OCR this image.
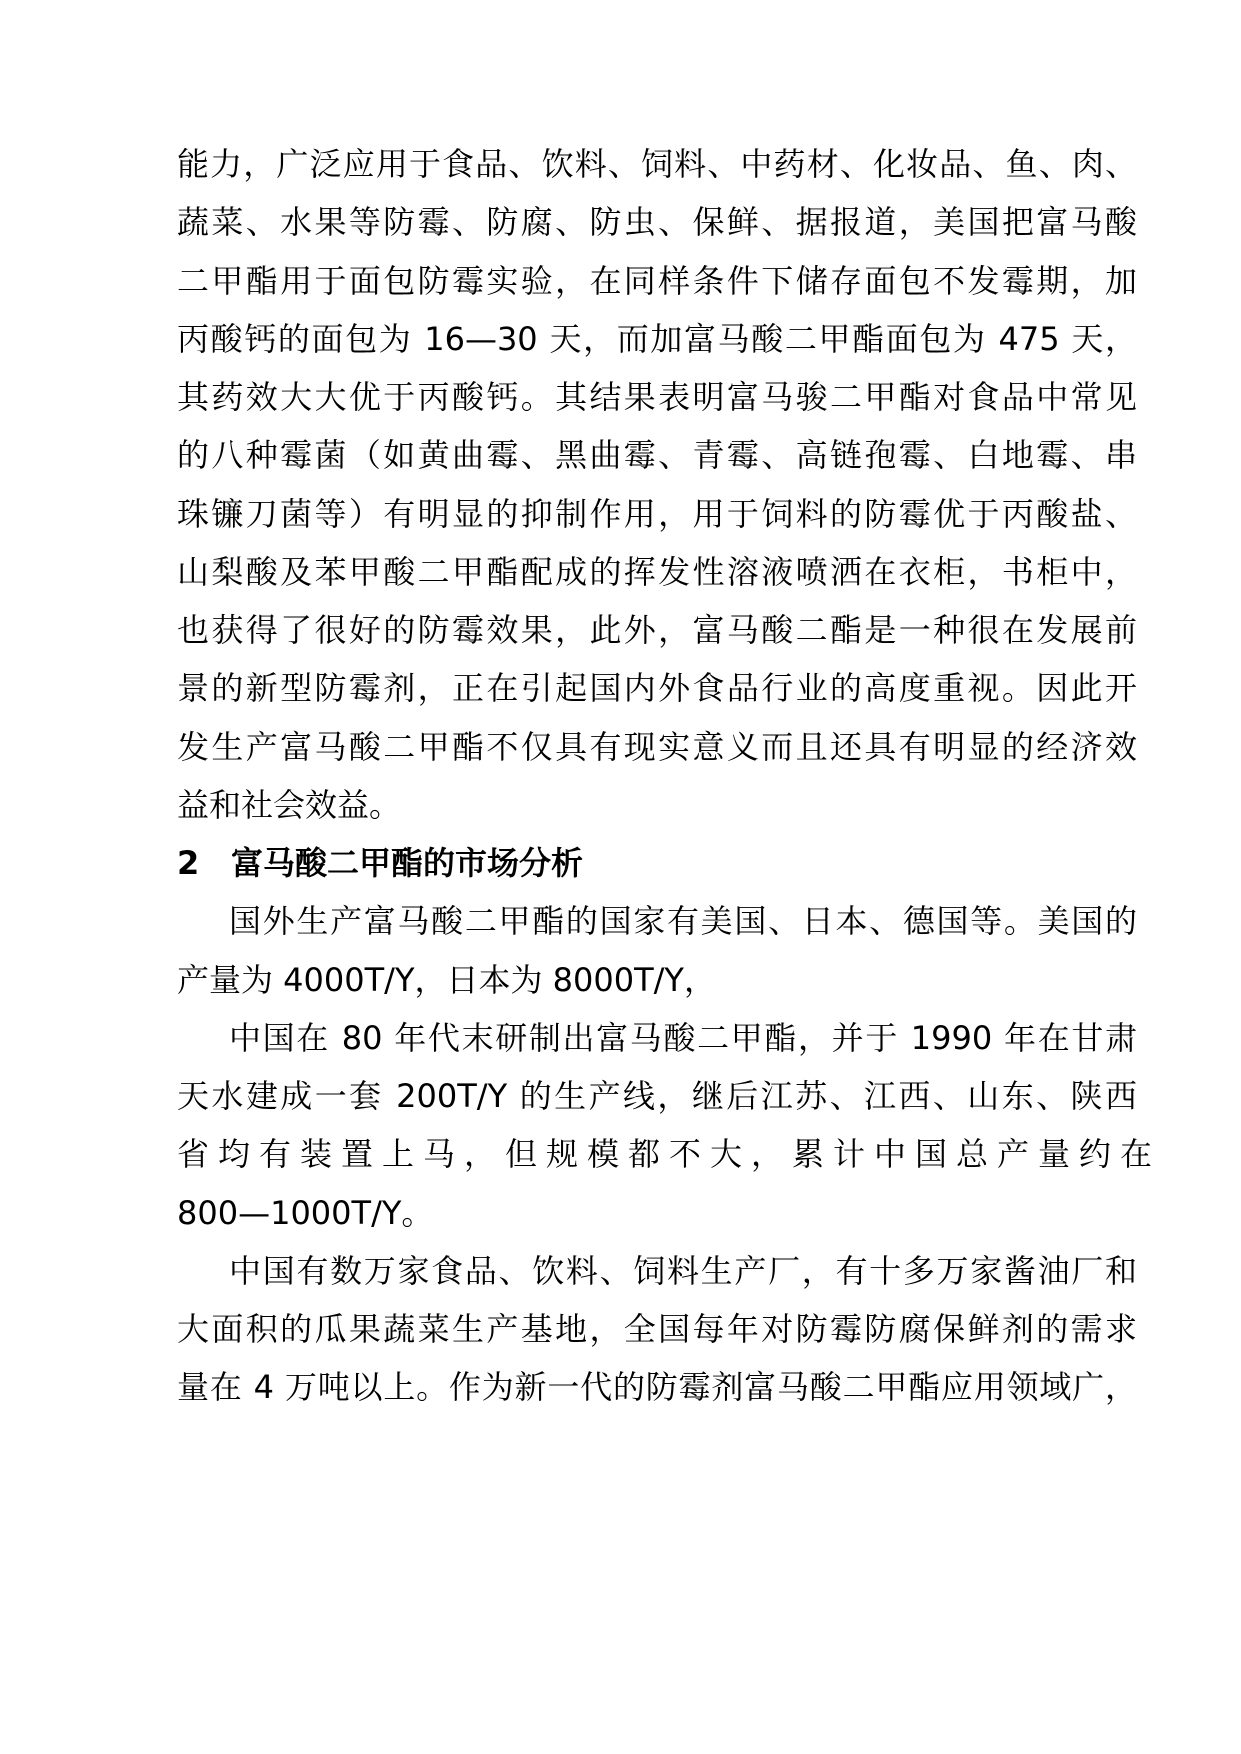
能力，广泛应用于食品、饮料、饲料、中药材、化妆品、鱼、肉、
蔬菜、水果等防霉、防腐、防虫、保鲜、据报道，美国把富马酸
二甲酯用于面包防霉实验，在同样条件下储存面包不发霉期，加
丙酸钙的面包为 16—30 天，而加富马酸二甲酯面包为 475 天，
其药效大大优于丙酸钙。其结果表明富马骏二甲酯对食品中常见
的八种霉菌（如黄曲霉、黑曲霉、青霉、高链孢霉、白地霉、串
珠镰刀菌等）有明显的抑制作用，用于饲料的防霉优于丙酸盐、
山梨酸及苯甲酸二甲酯配成的挥发性溶液喷洒在衣柜，书柜中，
也获得了很好的防霉效果，此外，富马酸二酯是一种很在发展前
景的新型防霉剂，正在引起国内外食品行业的高度重视。因此开
发生产富马酸二甲酯不仅具有现实意义而且还具有明显的经济效
益和社会效益。
2 富马酸二甲酯的市场分析
国外生产富马酸二甲酯的国家有美国、日本、德国等。美国的
产量为 4000T/Y，日本为 8000T/Y，
中国在 80 年代末研制出富马酸二甲酯，并于 1990 年在甘肃
天水建成一套 200T/Y 的生产线，继后江苏、江西、山东、陕西
省均有装置上马，但规模都不大，累计中国总产量约在
800—1000T/Y。
中国有数万家食品、饮料、饲料生产厂，有十多万家酱油厂和
大面积的瓜果蔬菜生产基地，全国每年对防霉防腐保鲜剂的需求
量在 4 万吨以上。作为新一代的防霉剂富马酸二甲酯应用领域广，
